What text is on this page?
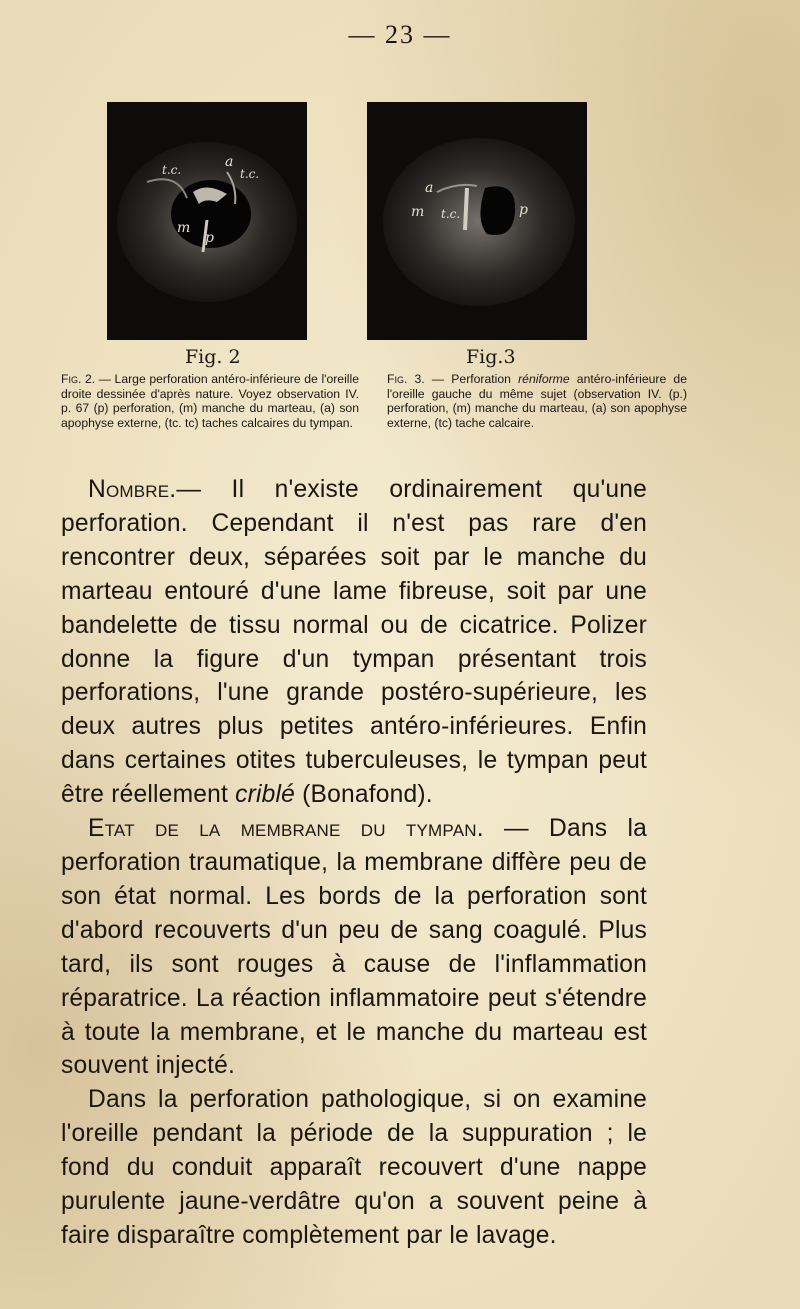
— 23 —
a
t.c.	t.c.
m
p
Fig. 2
a
m t.c.	p
Fig.3
Fig. 2. — Large perforation antéro-inférieure de l'oreille droite dessinée d'après nature. Voyez observation IV. p. 67 (p) perforation, (m) manche du marteau, (a) son apophyse externe, (tc. tc) taches calcaires du tympan.
Fig. 3. — Perforation réniforme antéro-inférieure de l'oreille gauche du même sujet (observation IV. (p.) perforation, (m) manche du marteau, (a) son apophyse externe, (tc) tache calcaire.

Nombre.— Il n'existe ordinairement qu'une perforation. Cependant il n'est pas rare d'en rencontrer deux, séparées soit par le manche du marteau entouré d'une lame fibreuse, soit par une bandelette de tissu normal ou de cicatrice. Polizer donne la figure d'un tympan présentant trois perforations, l'une grande postéro-supérieure, les deux autres plus petites antéro-inférieures. Enfin dans certaines otites tuberculeuses, le tympan peut être réellement criblé (Bonafond).

Etat de la membrane du tympan. — Dans la perforation traumatique, la membrane diffère peu de son état normal. Les bords de la perforation sont d'abord recouverts d'un peu de sang coagulé. Plus tard, ils sont rouges à cause de l'inflammation réparatrice. La réaction inflammatoire peut s'étendre à toute la membrane, et le manche du marteau est souvent injecté.

Dans la perforation pathologique, si on examine l'oreille pendant la période de la suppuration ; le fond du conduit apparaît recouvert d'une nappe purulente jaune-verdâtre qu'on a souvent peine à faire disparaître complètement par le lavage.
